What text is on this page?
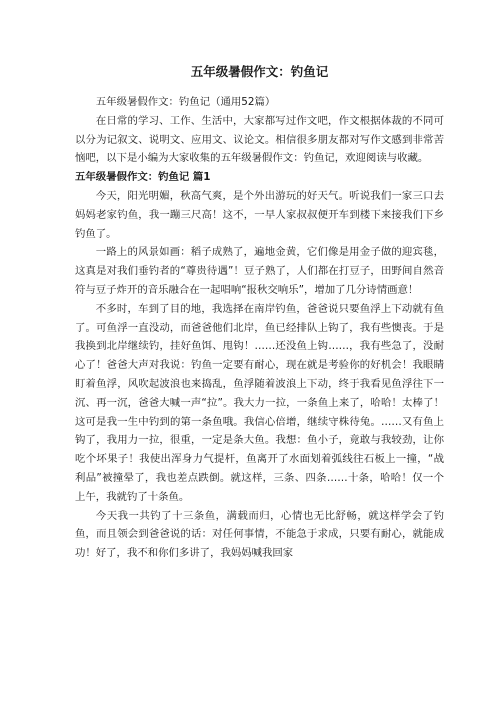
五年级暑假作文：钓鱼记

五年级暑假作文：钓鱼记（通用52篇）

在日常的学习、工作、生活中，大家都写过作文吧，作文根据体裁的不同可以分为记叙文、说明文、应用文、议论文。相信很多朋友都对写作文感到非常苦恼吧，以下是小编为大家收集的五年级暑假作文：钓鱼记，欢迎阅读与收藏。

五年级暑假作文：钓鱼记 篇1

今天，阳光明媚，秋高气爽，是个外出游玩的好天气。听说我们一家三口去妈妈老家钓鱼，我一蹦三尺高！这不，一早人家叔叔便开车到楼下来接我们下乡钓鱼了。

一路上的风景如画：稻子成熟了，遍地金黄，它们像是用金子做的迎宾毯，这真是对我们垂钓者的“尊贵待遇”！豆子熟了，人们都在打豆子，田野间自然音符与豆子炸开的音乐融合在一起唱响“报秋交响乐”，增加了几分诗情画意！

不多时，车到了目的地，我选择在南岸钓鱼，爸爸说只要鱼浮上下动就有鱼了。可鱼浮一直没动，而爸爸他们北岸，鱼已经排队上钩了，我有些懊丧。于是我换到北岸继续钓，挂好鱼饵、甩钩！……还没鱼上钩……，我有些急了，没耐心了！爸爸大声对我说：钓鱼一定要有耐心，现在就是考验你的好机会！我眼睛盯着鱼浮，风吹起波浪也来捣乱，鱼浮随着波浪上下动，终于我看见鱼浮往下一沉、再一沉，爸爸大喊一声“拉”。我大力一拉，一条鱼上来了，哈哈！太棒了！这可是我一生中钓到的第一条鱼哦。我信心倍增，继续守株待兔。……又有鱼上钩了，我用力一拉，很重，一定是条大鱼。我想：鱼小子，竟敢与我较劲，让你吃个坏果子！我使出浑身力气提杆，鱼离开了水面划着弧线往石板上一撞，“战利品”被撞晕了，我也差点跌倒。就这样，三条、四条……十条，哈哈！仅一个上午，我就钓了十条鱼。

今天我一共钓了十三条鱼，满载而归，心情也无比舒畅，就这样学会了钓鱼，而且领会到爸爸说的话：对任何事情，不能急于求成，只要有耐心，就能成功！好了，我不和你们多讲了，我妈妈喊我回家
